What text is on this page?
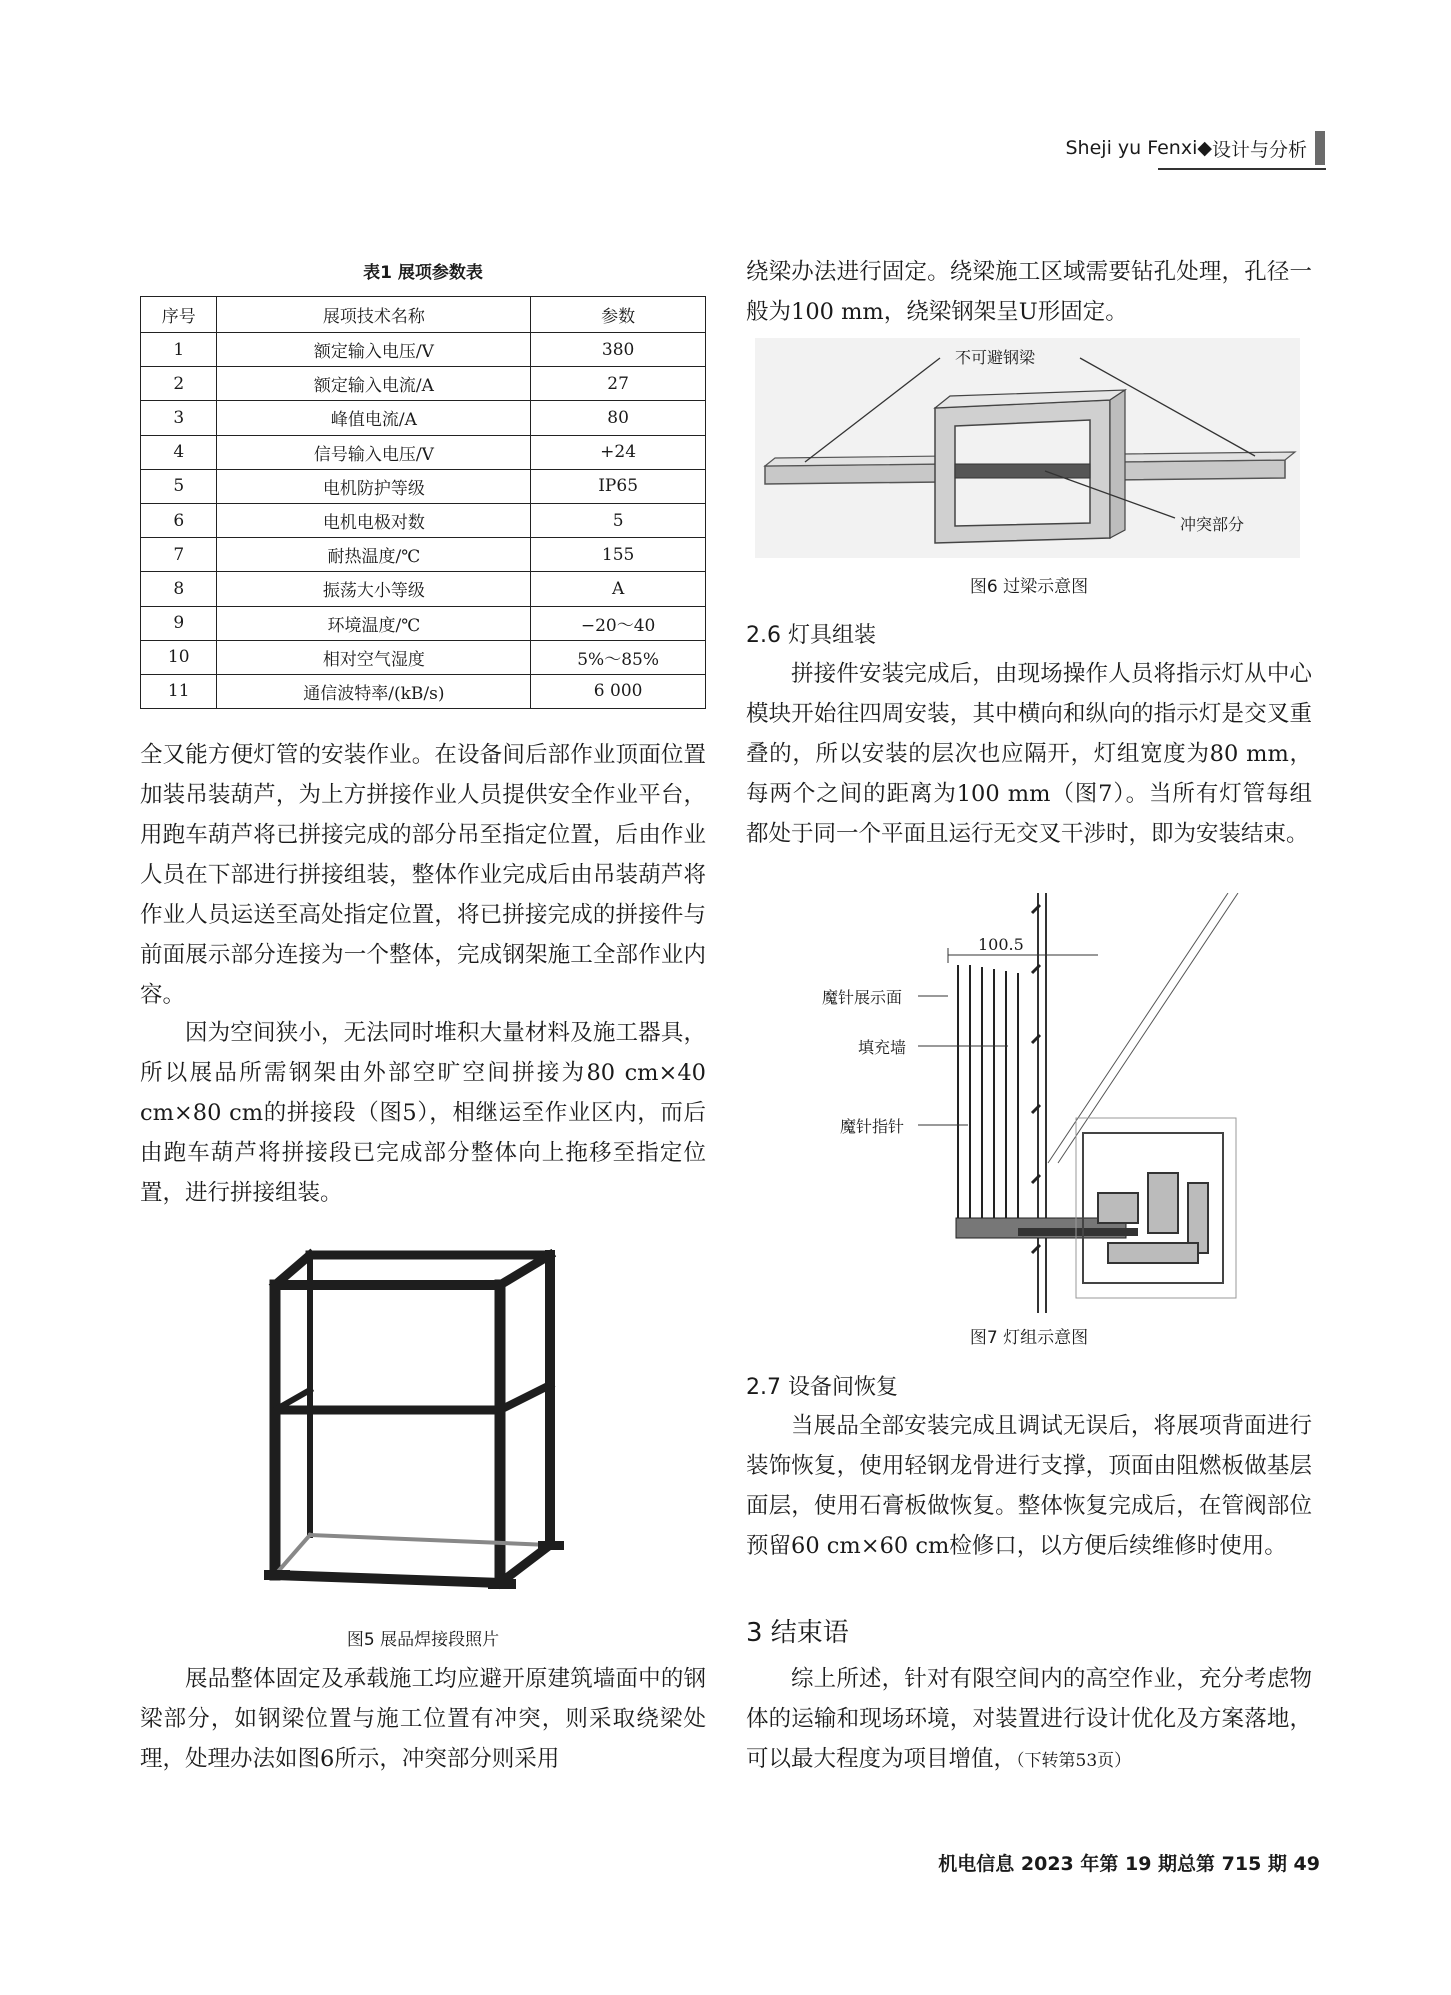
Sheji yu Fenxi ◆ 设计与分析
表1 展项参数表
序号	展项技术名称	参数
1	额定输入电压/V	380
2	额定输入电流/A	27
3	峰值电流/A	80
4	信号输入电压/V	+24
5	电机防护等级	IP65
6	电机电极对数	5
7	耐热温度/℃	155
8	振荡大小等级	A
9	环境温度/℃	−20～40
10	相对空气湿度	5%～85%
11	通信波特率/(kB/s)	6 000

全又能方便灯管的安装作业。在设备间后部作业顶面位置加装吊装葫芦，为上方拼接作业人员提供安全作业平台，用跑车葫芦将已拼接完成的部分吊至指定位置，后由作业人员在下部进行拼接组装，整体作业完成后由吊装葫芦将作业人员运送至高处指定位置，将已拼接完成的拼接件与前面展示部分连接为一个整体，完成钢架施工全部作业内容。

因为空间狭小，无法同时堆积大量材料及施工器具，所以展品所需钢架由外部空旷空间拼接为80 cm×40 cm×80 cm的拼接段（图5），相继运至作业区内，而后由跑车葫芦将拼接段已完成部分整体向上拖移至指定位置，进行拼接组装。

图5 展品焊接段照片

展品整体固定及承载施工均应避开原建筑墙面中的钢梁部分，如钢梁位置与施工位置有冲突，则采取绕梁处理，处理办法如图6所示，冲突部分则采用

绕梁办法进行固定。绕梁施工区域需要钻孔处理，孔径一般为100 mm，绕梁钢架呈U形固定。

不可避钢梁
冲突部分
图6 过梁示意图
2.6 灯具组装

拼接件安装完成后，由现场操作人员将指示灯从中心模块开始往四周安装，其中横向和纵向的指示灯是交叉重叠的，所以安装的层次也应隔开，灯组宽度为80 mm，每两个之间的距离为100 mm（图7）。当所有灯管每组都处于同一个平面且运行无交叉干涉时，即为安装结束。

100.5
魔针展示面
填充墙
魔针指针
图7 灯组示意图
2.7 设备间恢复

当展品全部安装完成且调试无误后，将展项背面进行装饰恢复，使用轻钢龙骨进行支撑，顶面由阻燃板做基层面层，使用石膏板做恢复。整体恢复完成后，在管阀部位预留60 cm×60 cm检修口，以方便后续维修时使用。

3 结束语

综上所述，针对有限空间内的高空作业，充分考虑物体的运输和现场环境，对装置进行设计优化及方案落地，可以最大程度为项目增值，（下转第53页）

机电信息 2023 年第 19 期总第 715 期 49
